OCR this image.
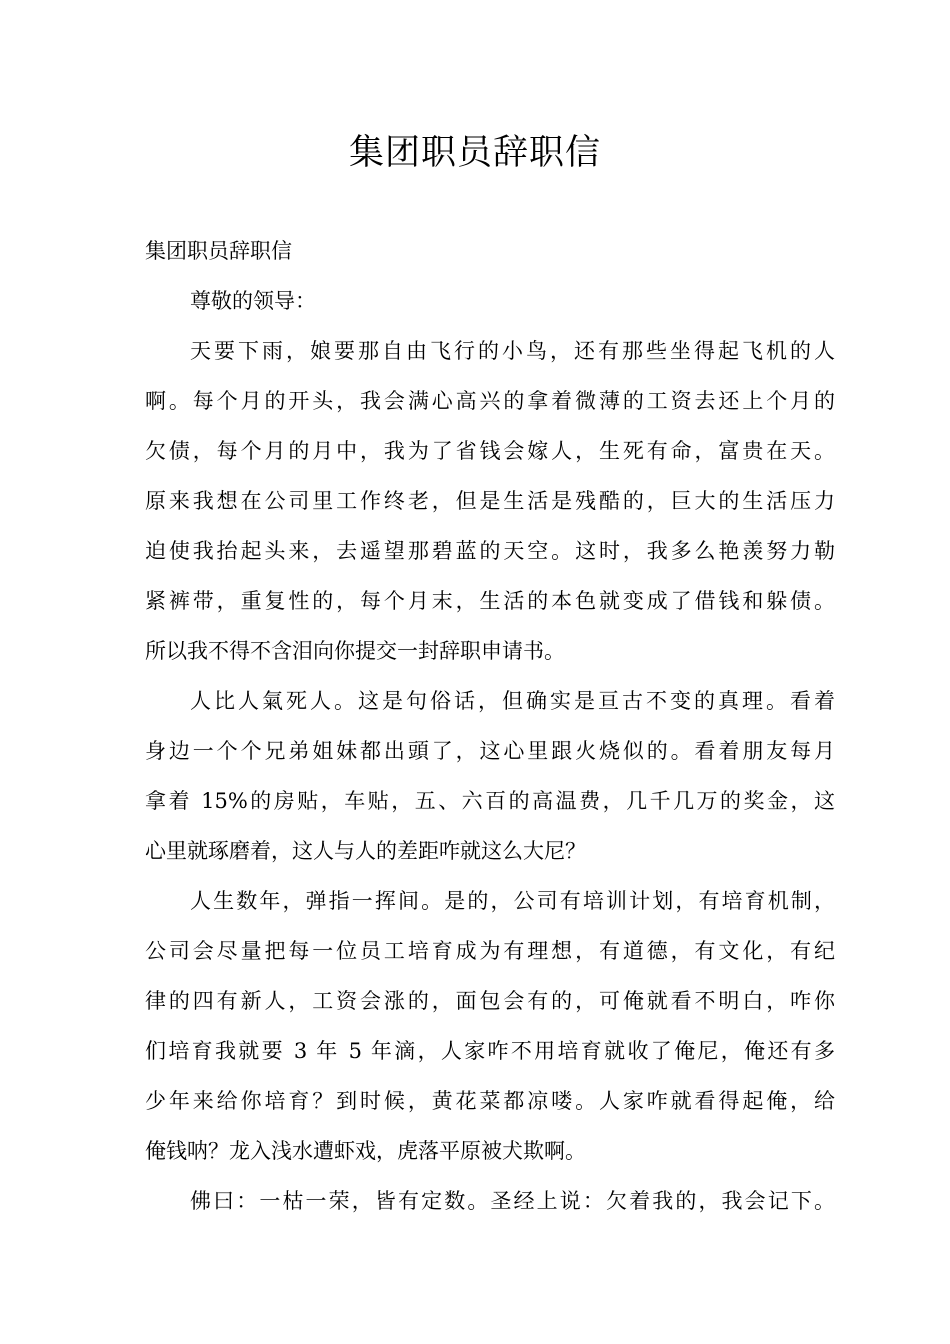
集团职员辞职信
集团职员辞职信
尊敬的领导：
天要下雨，娘要那自由飞行的小鸟，还有那些坐得起飞机的人
啊。每个月的开头，我会满心高兴的拿着微薄的工资去还上个月的
欠债，每个月的月中，我为了省钱会嫁人，生死有命，富贵在天。
原来我想在公司里工作终老，但是生活是残酷的，巨大的生活压力
迫使我抬起头来，去遥望那碧蓝的天空。这时，我多么艳羡努力勒
紧裤带，重复性的，每个月末，生活的本色就变成了借钱和躲债。
所以我不得不含泪向你提交一封辞职申请书。
人比人氣死人。这是句俗话，但确实是亘古不变的真理。看着
身边一个个兄弟姐妹都出頭了，这心里跟火烧似的。看着朋友每月
拿着 15%的房贴，车贴，五、六百的高温费，几千几万的奖金，这
心里就琢磨着，这人与人的差距咋就这么大尼？
人生数年，弹指一挥间。是的，公司有培训计划，有培育机制，
公司会尽量把每一位员工培育成为有理想，有道德，有文化，有纪
律的四有新人，工资会涨的，面包会有的，可俺就看不明白，咋你
们培育我就要 3 年 5 年滴，人家咋不用培育就收了俺尼，俺还有多
少年来给你培育？到时候，黄花菜都凉喽。人家咋就看得起俺，给
俺钱呐？龙入浅水遭虾戏，虎落平原被犬欺啊。
佛曰：一枯一荣，皆有定数。圣经上说：欠着我的，我会记下。
